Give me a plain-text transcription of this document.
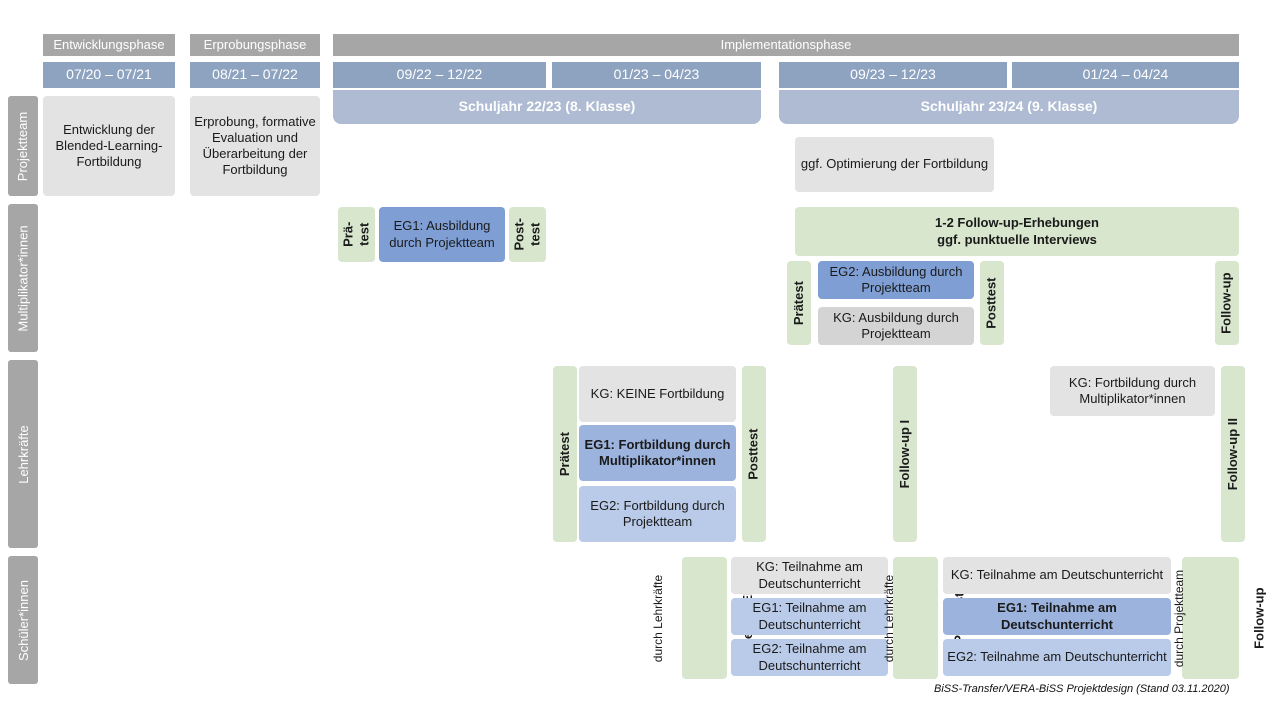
Entwicklungsphase	Erprobungsphase	Implementationsphase
07/20 – 07/21	08/21 – 07/22	09/22 – 12/22	01/23 – 04/23
Schuljahr 22/23 (8. Klasse)
09/23 – 12/23	01/24 – 04/24
Schuljahr 23/24 (9. Klasse)
Projektteam
Multiplikator*innen
Lehrkräfte
Schüler*innen
Entwicklung der Blended-Learning-Fortbildung
Erprobung, formative Evaluation und Überarbeitung der Fortbildung	ggf. Optimierung der Fortbildung
Prä-test	EG1: Ausbildung durch Projektteam	Post-test
1-2 Follow-up-Erhebungen
ggf. punktuelle Interviews
Prätest
EG2: Ausbildung durch Projektteam
KG: Ausbildung durch Projektteam
Posttest	Follow-up
Prätest
KG: KEINE Fortbildung
EG1: Fortbildung durch Multiplikator*innen
EG2: Fortbildung durch Projektteam
Posttest	Follow-up I
KG: Fortbildung durch Multiplikator*innen
Follow-up II
durch Lehrkräfte
KG: Teilnahme am Deutschunterricht
EG1: Teilnahme am Deutschunterricht
EG2: Teilnahme am Deutschunterricht
durch Lehrkräfte	KG: Teilnahme am Deutschunterricht
EG1: Teilnahme am Deutschunterricht
EG2: Teilnahme am Deutschunterricht
Follow-up
durch Projektteam
BiSS-Transfer/VERA-BiSS Projektdesign (Stand 03.11.2020)
